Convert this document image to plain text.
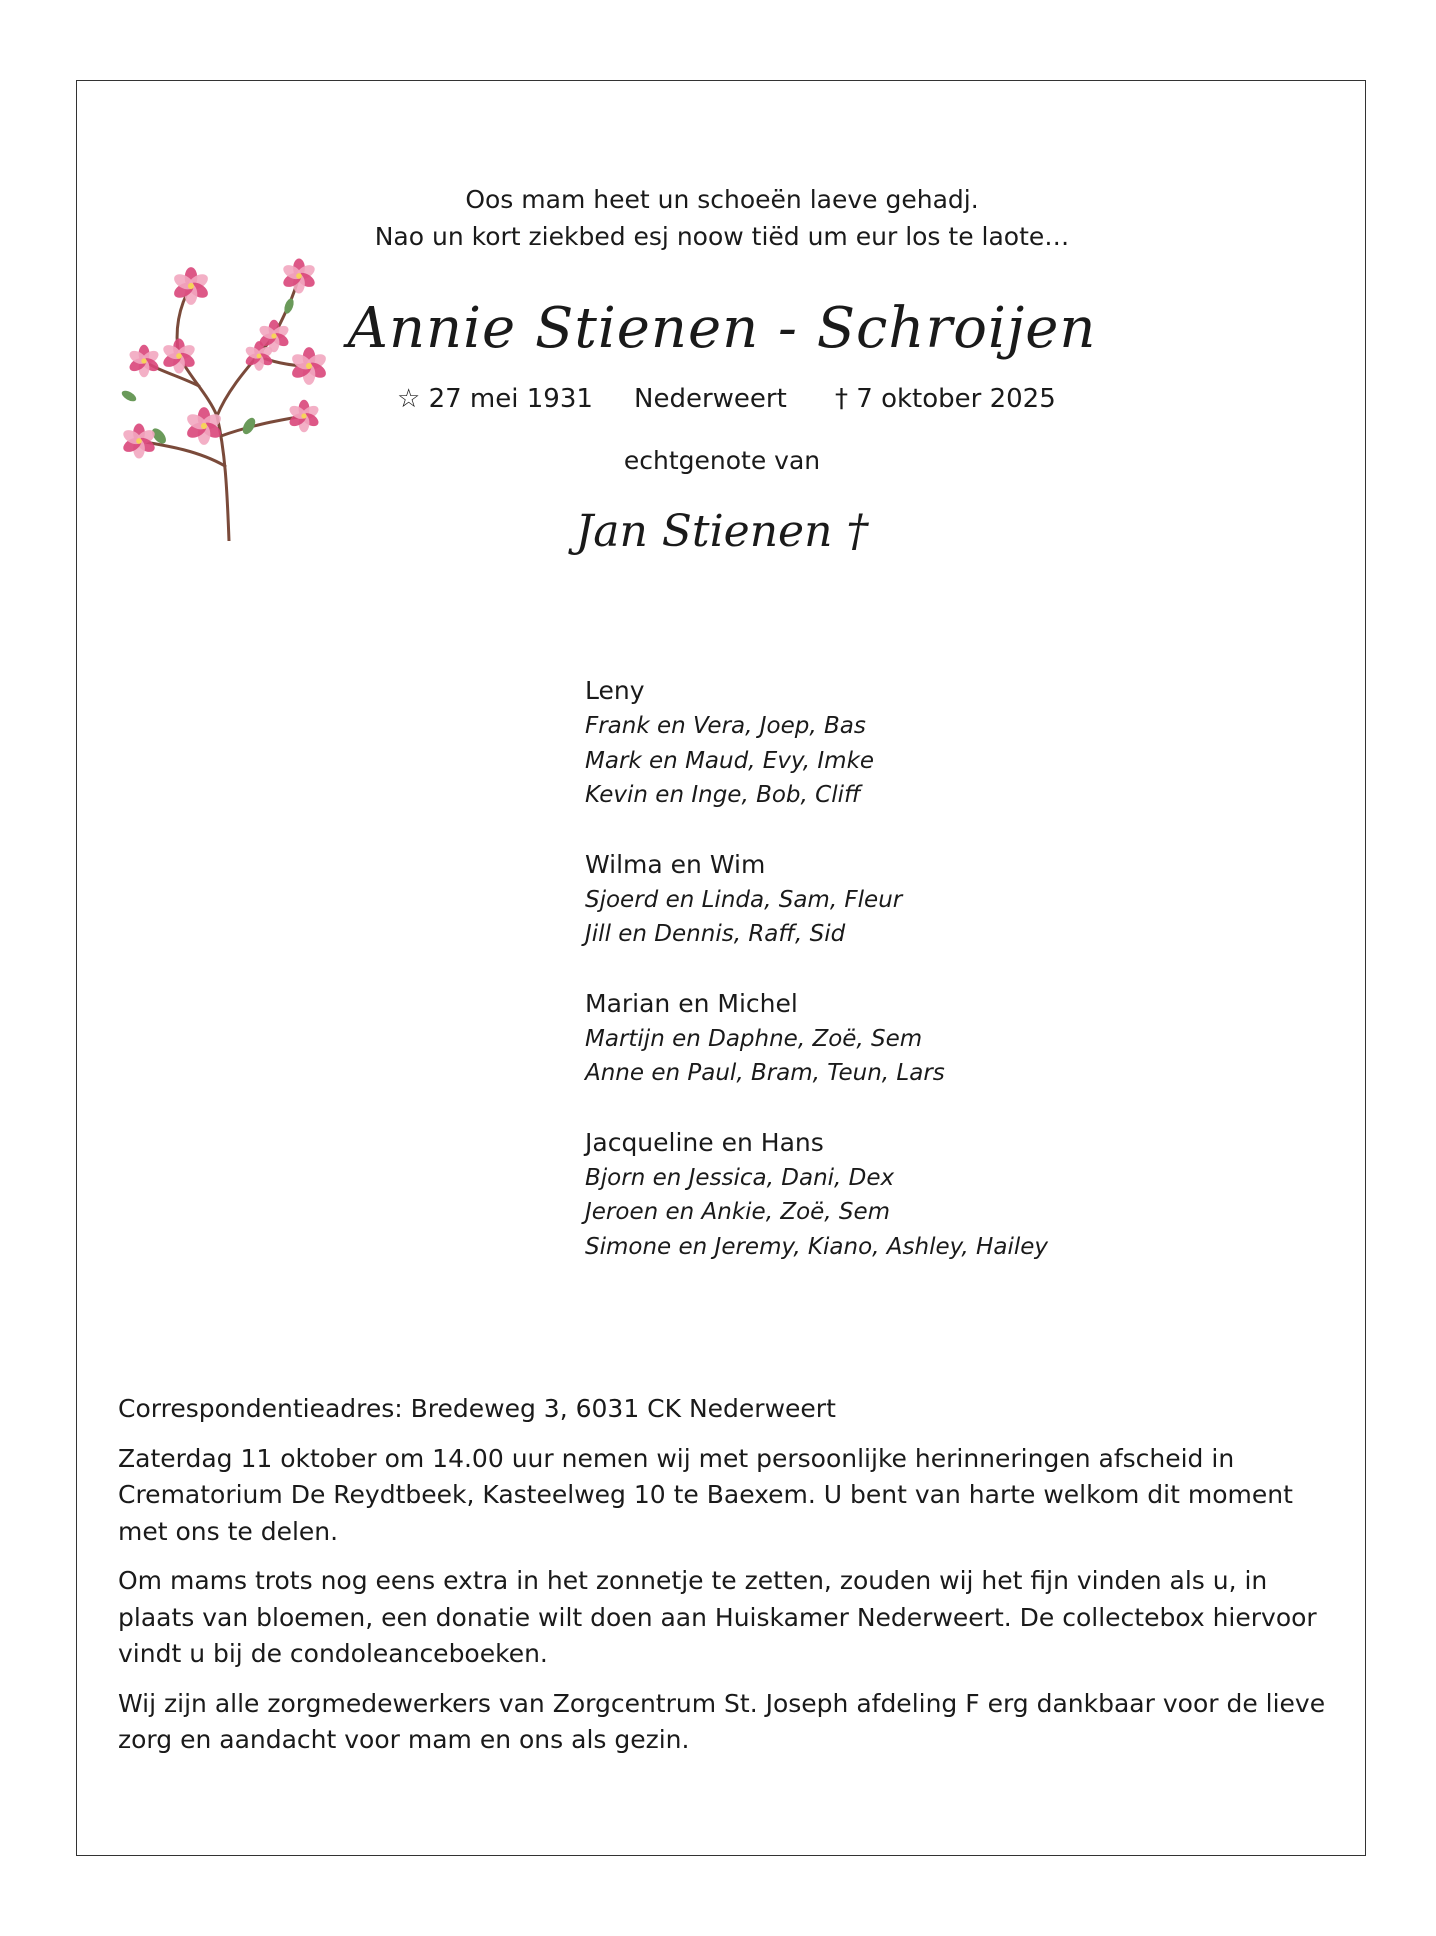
Oos mam heet un schoeën laeve gehadj.
Nao un kort ziekbed esj noow tiëd um eur los te laote…
Annie Stienen - Schroijen
☆ 27 mei 1931 Nederweert † 7 oktober 2025
echtgenote van
Jan Stienen †
Leny
Frank en Vera, Joep, Bas
Mark en Maud, Evy, Imke
Kevin en Inge, Bob, Cliff
Wilma en Wim
Sjoerd en Linda, Sam, Fleur
Jill en Dennis, Raff, Sid
Marian en Michel
Martijn en Daphne, Zoë, Sem
Anne en Paul, Bram, Teun, Lars
Jacqueline en Hans
Bjorn en Jessica, Dani, Dex
Jeroen en Ankie, Zoë, Sem
Simone en Jeremy, Kiano, Ashley, Hailey

Correspondentieadres: Bredeweg 3, 6031 CK Nederweert

Zaterdag 11 oktober om 14.00 uur nemen wij met persoonlijke herinneringen afscheid in Crematorium De Reydtbeek, Kasteelweg 10 te Baexem. U bent van harte welkom dit moment met ons te delen.

Om mams trots nog eens extra in het zonnetje te zetten, zouden wij het fijn vinden als u, in plaats van bloemen, een donatie wilt doen aan Huiskamer Nederweert. De collectebox hiervoor vindt u bij de condoleanceboeken.

Wij zijn alle zorgmedewerkers van Zorgcentrum St. Joseph afdeling F erg dankbaar voor de lieve zorg en aandacht voor mam en ons als gezin.
